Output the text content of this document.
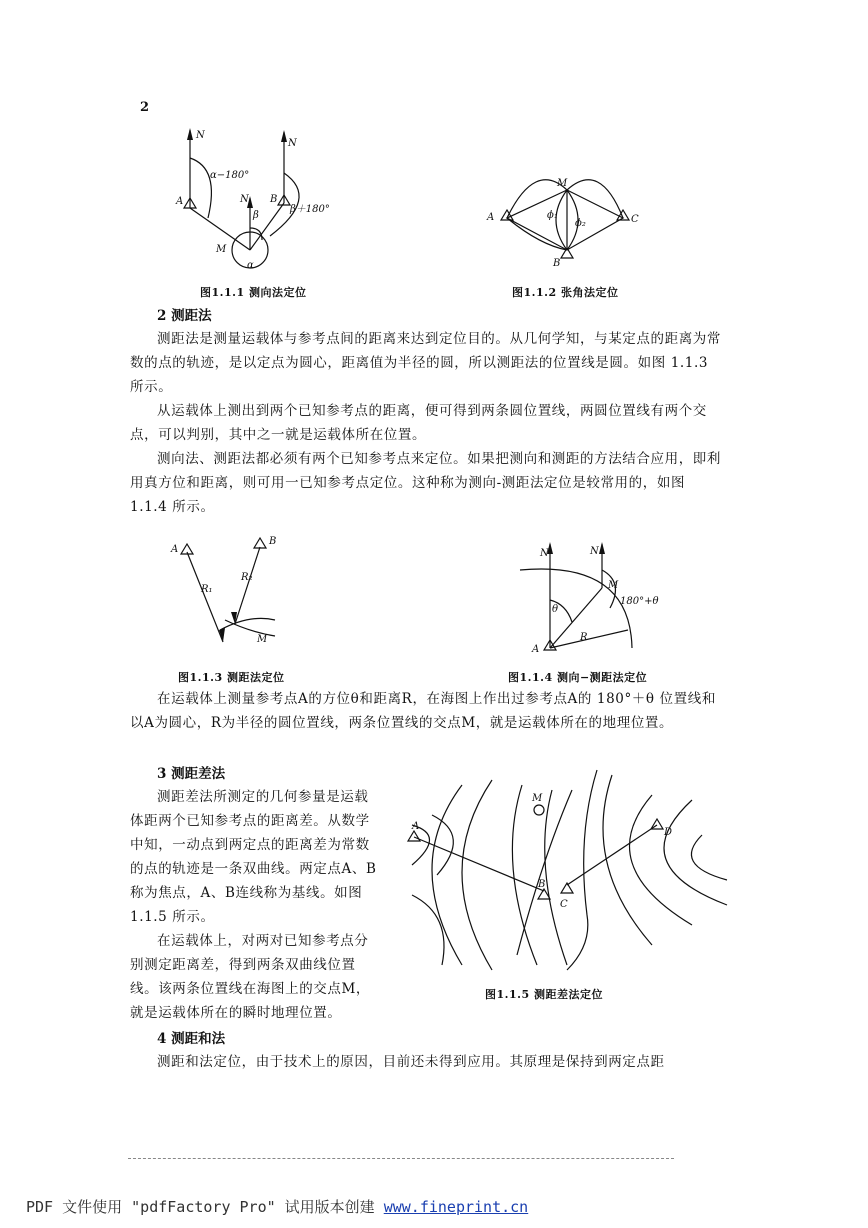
2
N
N
N
A	B
M
α−180°
β
β＋180°
α
图1.1.1 测向法定位
M
A	C
B
ϕ₁
ϕ₂
图1.1.2 张角法定位
2 测距法
测距法是测量运载体与参考点间的距离来达到定位目的。从几何学知，与某定点的距离为常数的点的轨迹，是以定点为圆心，距离值为半径的圆，所以测距法的位置线是圆。如图 1.1.3 所示。
从运载体上测出到两个已知参考点的距离，便可得到两条圆位置线，两圆位置线有两个交点，可以判别，其中之一就是运载体所在位置。
测向法、测距法都必须有两个已知参考点来定位。如果把测向和测距的方法结合应用，即利用真方位和距离，则可用一已知参考点定位。这种称为测向-测距法定位是较常用的，如图 1.1.4 所示。
A
B
R₁
R₂
M
图1.1.3 测距法定位
N	N
M
A
R
θ
180°+θ
图1.1.4 测向−测距法定位
在运载体上测量参考点A的方位θ和距离R，在海图上作出过参考点A的 180°＋θ 位置线和以A为圆心，R为半径的圆位置线，两条位置线的交点M，就是运载体所在的地理位置。
3 测距差法
测距差法所测定的几何参量是运载体距两个已知参考点的距离差。从数学中知，一动点到两定点的距离差为常数的点的轨迹是一条双曲线。两定点A、B称为焦点，A、B连线称为基线。如图 1.1.5 所示。
在运载体上，对两对已知参考点分别测定距离差，得到两条双曲线位置线。该两条位置线在海图上的交点M，就是运载体所在的瞬时地理位置。
A
B
C
D
M
图1.1.5 测距差法定位
4 测距和法
测距和法定位，由于技术上的原因，目前还未得到应用。其原理是保持到两定点距
PDF 文件使用 "pdfFactory Pro" 试用版本创建 www.fineprint.cn
